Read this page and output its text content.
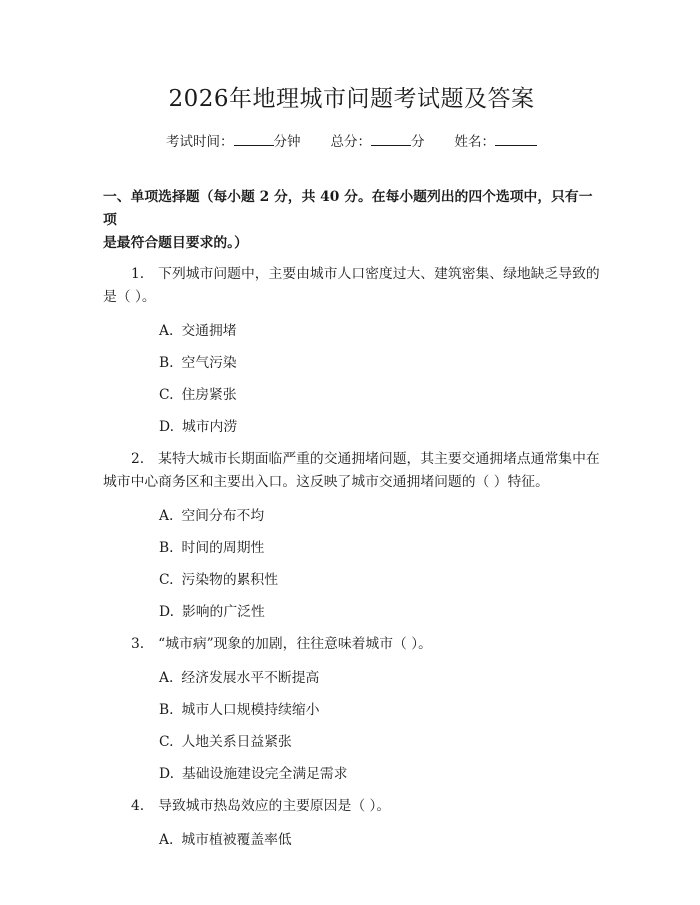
2026年地理城市问题考试题及答案
考试时间：	分钟 总分：	分 姓名：
一、单项选择题（每小题 2 分，共 40 分。在每小题列出的四个选项中，只有一项
是最符合题目要求的。）
1. 下列城市问题中，主要由城市人口密度过大、建筑密集、绿地缺乏导致的是（ ）。
A. 交通拥堵
B. 空气污染
C. 住房紧张
D. 城市内涝
2. 某特大城市长期面临严重的交通拥堵问题，其主要交通拥堵点通常集中在城市中心商务区和主要出入口。这反映了城市交通拥堵问题的（ ）特征。
A. 空间分布不均
B. 时间的周期性
C. 污染物的累积性
D. 影响的广泛性
3. “城市病”现象的加剧，往往意味着城市（ ）。
A. 经济发展水平不断提高
B. 城市人口规模持续缩小
C. 人地关系日益紧张
D. 基础设施建设完全满足需求
4. 导致城市热岛效应的主要原因是（ ）。
A. 城市植被覆盖率低
